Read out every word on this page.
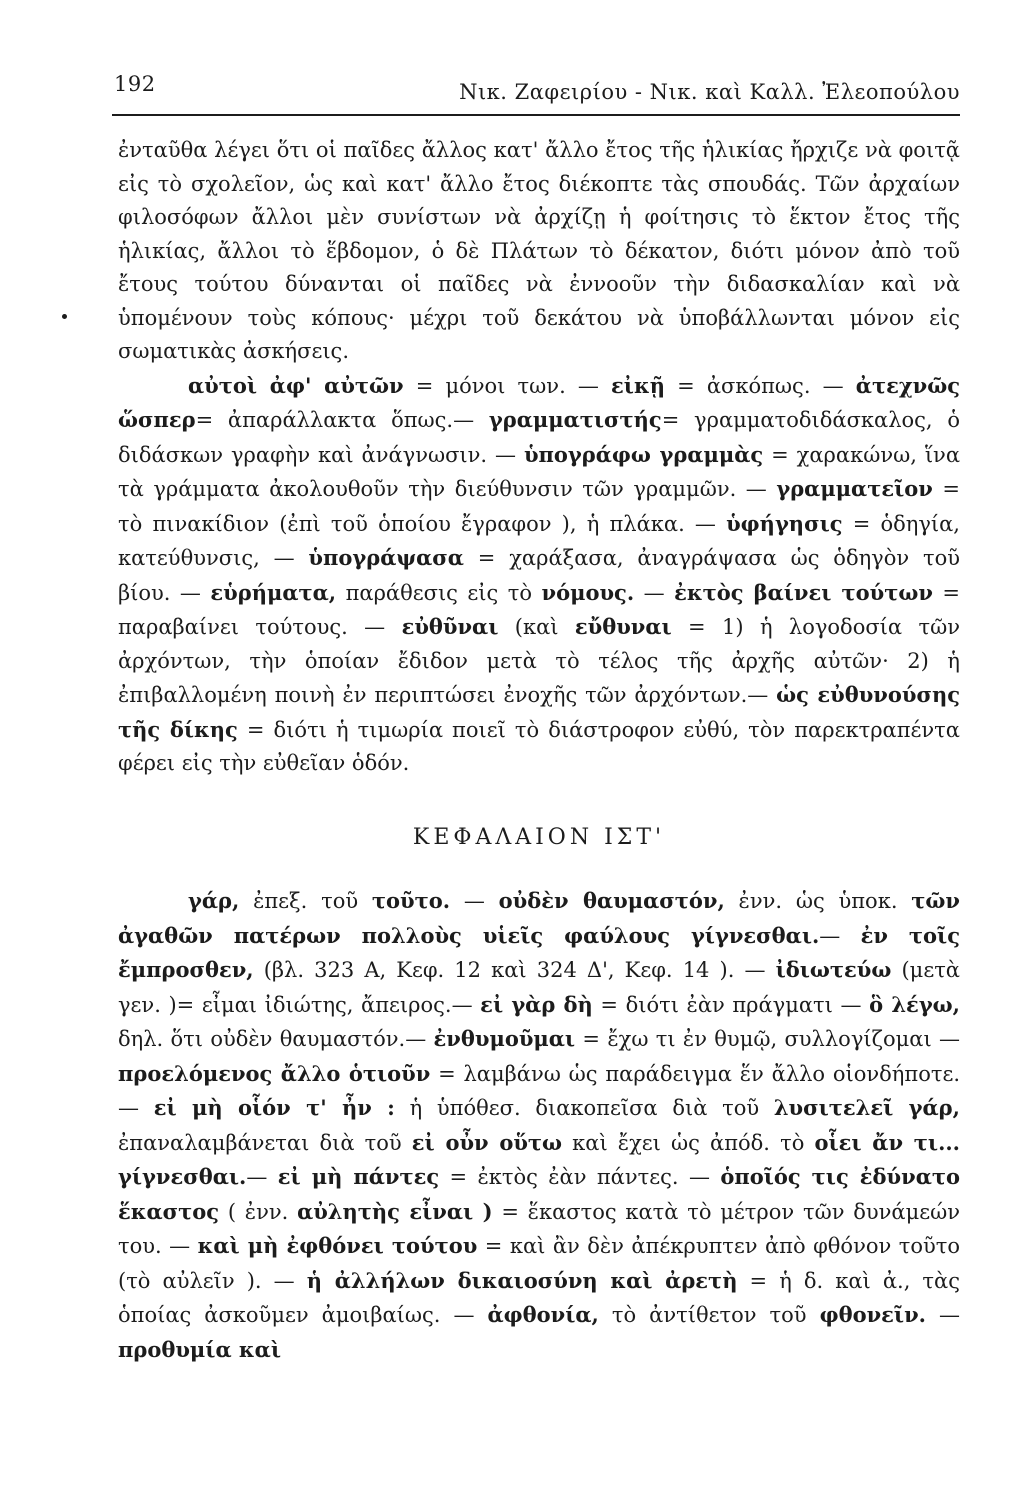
192	Νικ. Ζαφειρίου - Νικ. καὶ Καλλ. Ἐλεοπούλου

ἐνταῦθα λέγει ὅτι οἱ παῖδες ἄλλος κατ' ἄλλο ἔτος τῆς ἡλικίας ἤρχιζε νὰ φοιτᾷ εἰς τὸ σχολεῖον, ὡς καὶ κατ' ἄλλο ἔτος διέκοπτε τὰς σπουδάς. Τῶν ἀρχαίων φιλοσόφων ἄλλοι μὲν συνίστων νὰ ἀρχίζῃ ἡ φοίτησις τὸ ἕκτον ἔτος τῆς ἡλικίας, ἄλλοι τὸ ἕβδομον, ὁ δὲ Πλάτων τὸ δέκατον, διότι μόνον ἀπὸ τοῦ ἔτους τούτου δύνανται οἱ παῖδες νὰ ἐννοοῦν τὴν διδασκαλίαν καὶ νὰ ὑπομένουν τοὺς κόπους· μέχρι τοῦ δεκάτου νὰ ὑποβάλλωνται μόνον εἰς σωματικὰς ἀσκήσεις.

αὐτοὶ ἀφ' αὐτῶν = μόνοι των. — εἰκῇ = ἀσκόπως. — ἀτεχνῶς ὥσπερ= ἀπαράλλακτα ὅπως.— γραμματιστής= γραμματοδιδάσκαλος, ὁ διδάσκων γραφὴν καὶ ἀνάγνωσιν. — ὑπογράφω γραμμὰς = χαρακώνω, ἵνα τὰ γράμματα ἀκολουθοῦν τὴν διεύθυνσιν τῶν γραμμῶν. — γραμματεῖον = τὸ πινακίδιον (ἐπὶ τοῦ ὁποίου ἔγραφον ), ἡ πλάκα. — ὑφήγησις = ὁδηγία, κατεύθυνσις, — ὑπογράψασα = χαράξασα, ἀναγράψασα ὡς ὁδηγὸν τοῦ βίου. — εὑρήματα, παράθεσις εἰς τὸ νόμους. — ἐκτὸς βαίνει τούτων = παραβαίνει τούτους. — εὐθῦναι (καὶ εὔθυναι = 1) ἡ λογοδοσία τῶν ἀρχόντων, τὴν ὁποίαν ἔδιδον μετὰ τὸ τέλος τῆς ἀρχῆς αὐτῶν· 2) ἡ ἐπιβαλλομένη ποινὴ ἐν περιπτώσει ἐνοχῆς τῶν ἀρχόντων.— ὡς εὐθυνούσης τῆς δίκης = διότι ἡ τιμωρία ποιεῖ τὸ διάστροφον εὐθύ, τὸν παρεκτραπέντα φέρει εἰς τὴν εὐθεῖαν ὁδόν.

ΚΕΦΑΛΑΙΟΝ ΙΣΤ'

γάρ, ἐπεξ. τοῦ τοῦτο. — οὐδὲν θαυμαστόν, ἐνν. ὡς ὑποκ. τῶν ἀγαθῶν πατέρων πολλοὺς υἱεῖς φαύλους γίγνεσθαι.— ἐν τοῖς ἔμπροσθεν, (βλ. 323 Α, Κεφ. 12 καὶ 324 Δ', Κεφ. 14 ). — ἰδιωτεύω (μετὰ γεν. )= εἶμαι ἰδιώτης, ἄπειρος.— εἰ γὰρ δὴ = διότι ἐὰν πράγματι — ὃ λέγω, δηλ. ὅτι οὐδὲν θαυμαστόν.— ἐνθυμοῦμαι = ἔχω τι ἐν θυμῷ, συλλογίζομαι — προελόμενος ἄλλο ὁτιοῦν = λαμβάνω ὡς παράδειγμα ἕν ἄλλο οἱονδήποτε. — εἰ μὴ οἷόν τ' ἦν : ἡ ὑπόθεσ. διακοπεῖσα διὰ τοῦ λυσιτελεῖ γάρ, ἐπαναλαμβάνεται διὰ τοῦ εἰ οὖν οὕτω καὶ ἔχει ὡς ἀπόδ. τὸ οἷει ἄν τι... γίγνεσθαι.— εἰ μὴ πάντες = ἐκτὸς ἐὰν πάντες. — ὁποῖός τις ἐδύνατο ἕκαστος ( ἐνν. αὐλητὴς εἶναι ) = ἕκαστος κατὰ τὸ μέτρον τῶν δυνάμεών του. — καὶ μὴ ἐφθόνει τούτου = καὶ ἂν δὲν ἀπέκρυπτεν ἀπὸ φθόνον τοῦτο (τὸ αὐλεῖν ). — ἡ ἀλλήλων δικαιοσύνη καὶ ἀρετὴ = ἡ δ. καὶ ἀ., τὰς ὁποίας ἀσκοῦμεν ἀμοιβαίως. — ἀφθονία, τὸ ἀντίθετον τοῦ φθονεῖν. — προθυμία καὶ
